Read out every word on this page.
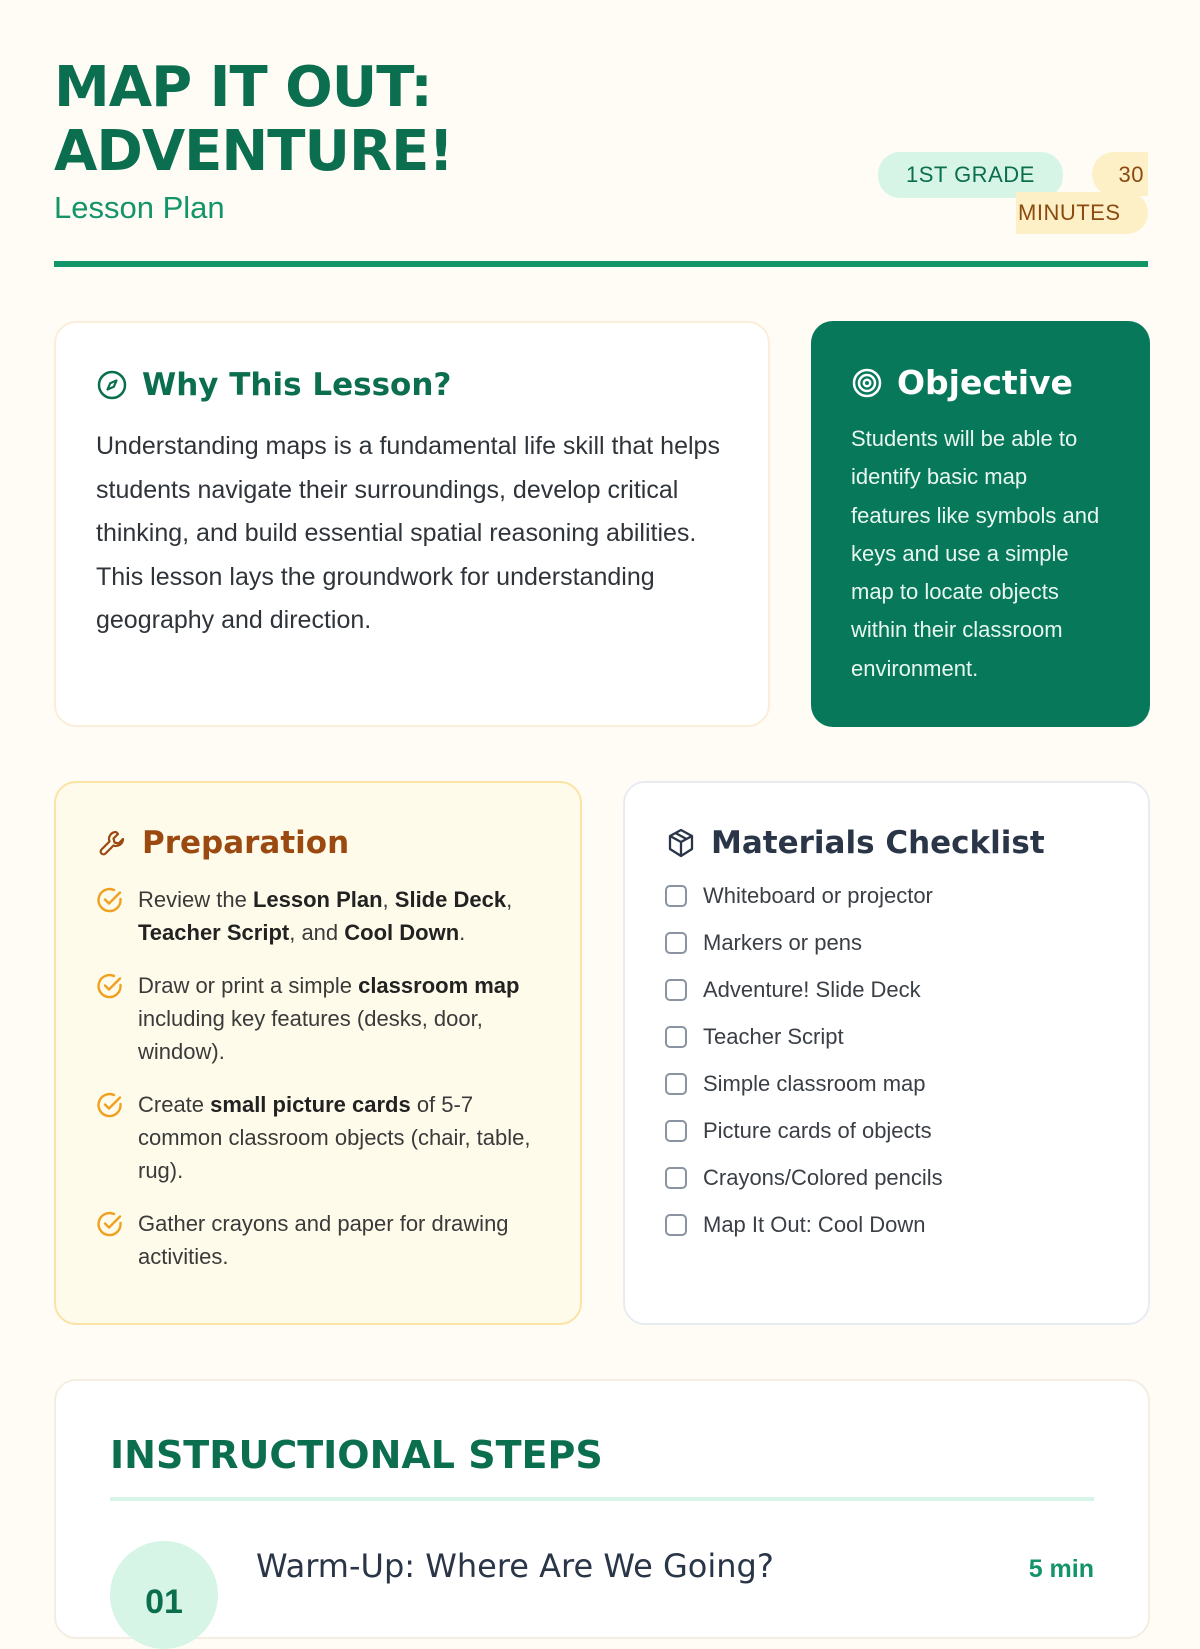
MAP IT OUT:
ADVENTURE!
Lesson Plan
1ST GRADE	30
MINUTES
Why This Lesson?

Understanding maps is a fundamental life skill that helps students navigate their surroundings, develop critical thinking, and build essential spatial reasoning abilities. This lesson lays the groundwork for understanding geography and direction.

Objective

Students will be able to identify basic map features like symbols and keys and use a simple map to locate objects within their classroom environment.

Preparation
Review the Lesson Plan, Slide Deck, Teacher Script, and Cool Down.
Draw or print a simple classroom map including key features (desks, door, window).
Create small picture cards of 5-7 common classroom objects (chair, table, rug).
Gather crayons and paper for drawing activities.
Materials Checklist
Whiteboard or projector
Markers or pens
Adventure! Slide Deck
Teacher Script
Simple classroom map
Picture cards of objects
Crayons/Colored pencils
Map It Out: Cool Down
INSTRUCTIONAL STEPS
01
Warm-Up: Where Are We Going?	5 min
